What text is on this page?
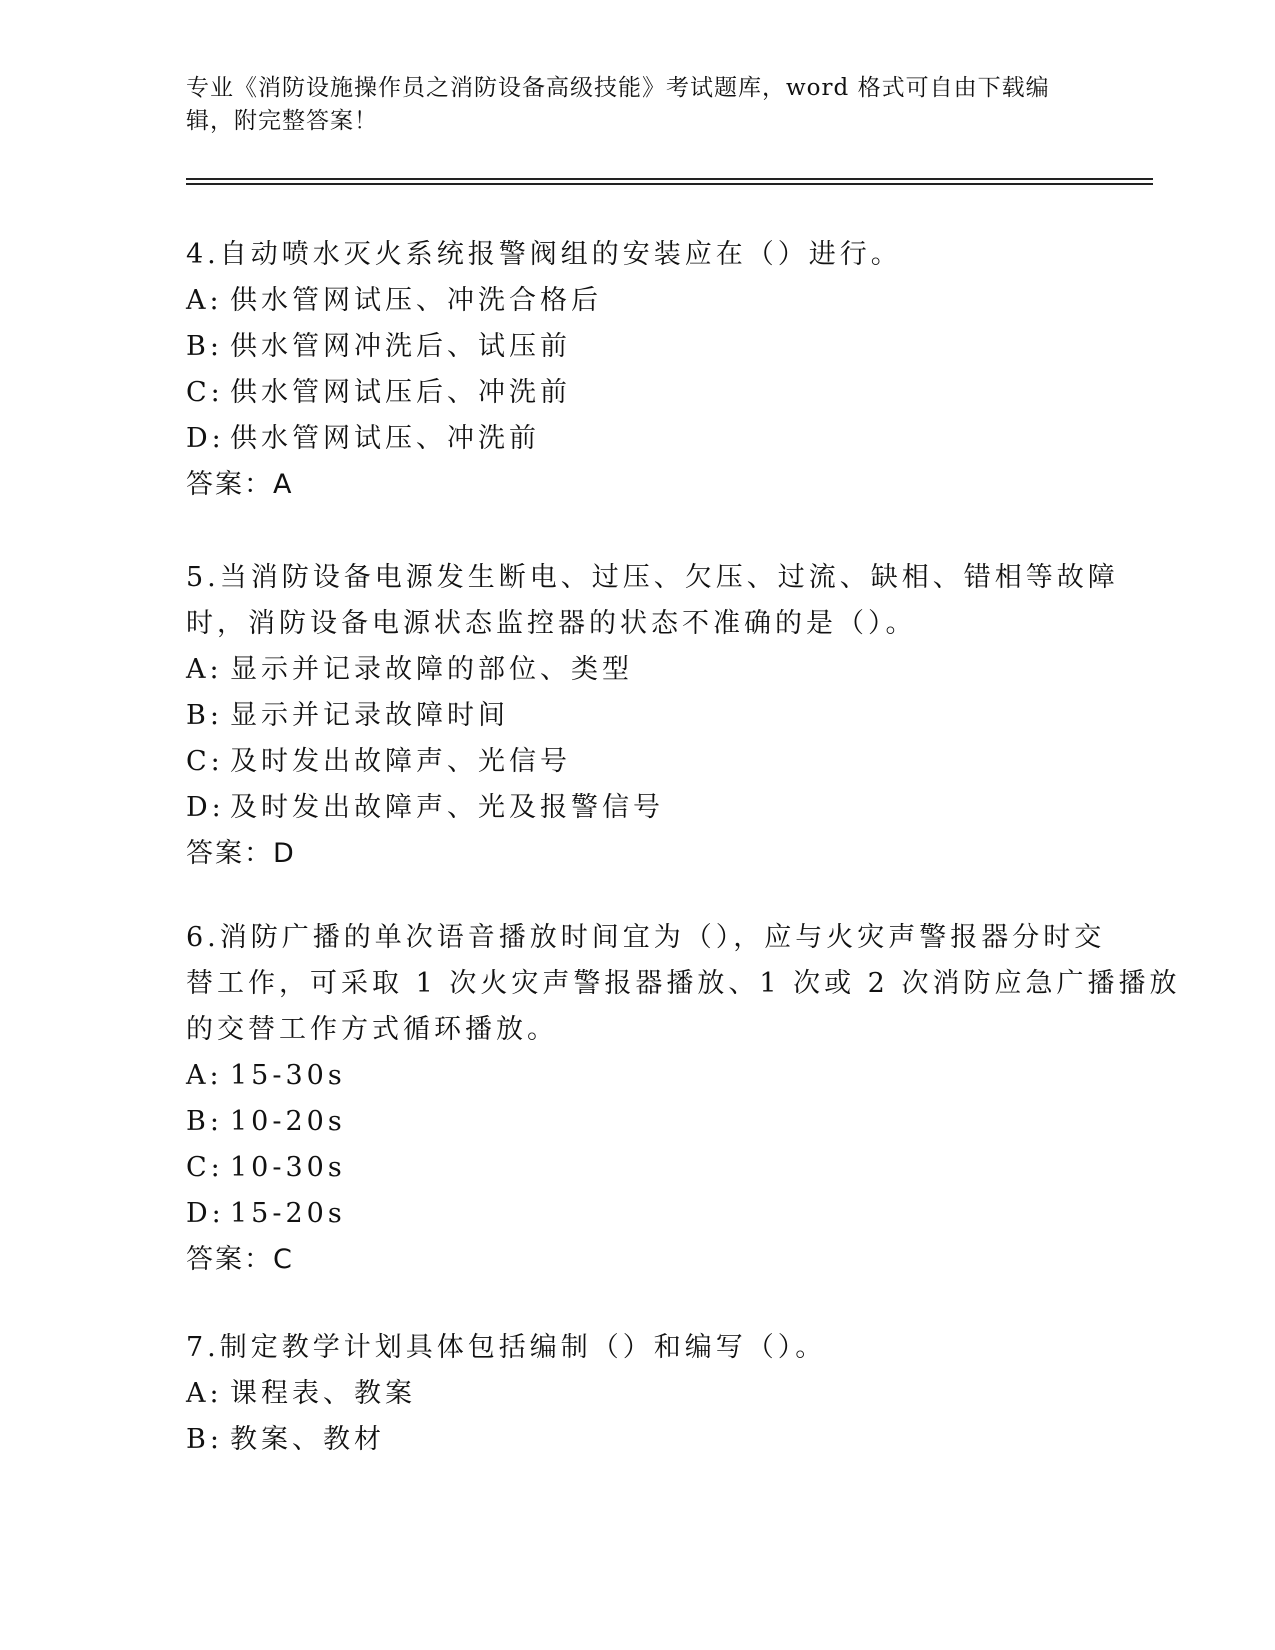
专业《消防设施操作员之消防设备高级技能》考试题库，word 格式可自由下载编
辑，附完整答案！
4.自动喷水灭火系统报警阀组的安装应在（）进行。
A: 供水管网试压、冲洗合格后
B: 供水管网冲洗后、试压前
C: 供水管网试压后、冲洗前
D: 供水管网试压、冲洗前
答案：A
5.当消防设备电源发生断电、过压、欠压、过流、缺相、错相等故障
时，消防设备电源状态监控器的状态不准确的是（）。
A: 显示并记录故障的部位、类型
B: 显示并记录故障时间
C: 及时发出故障声、光信号
D: 及时发出故障声、光及报警信号
答案：D
6.消防广播的单次语音播放时间宜为（），应与火灾声警报器分时交
替工作，可采取 1 次火灾声警报器播放、1 次或 2 次消防应急广播播放
的交替工作方式循环播放。
A: 15-30s
B: 10-20s
C: 10-30s
D: 15-20s
答案：C
7.制定教学计划具体包括编制（）和编写（）。
A: 课程表、教案
B: 教案、教材
